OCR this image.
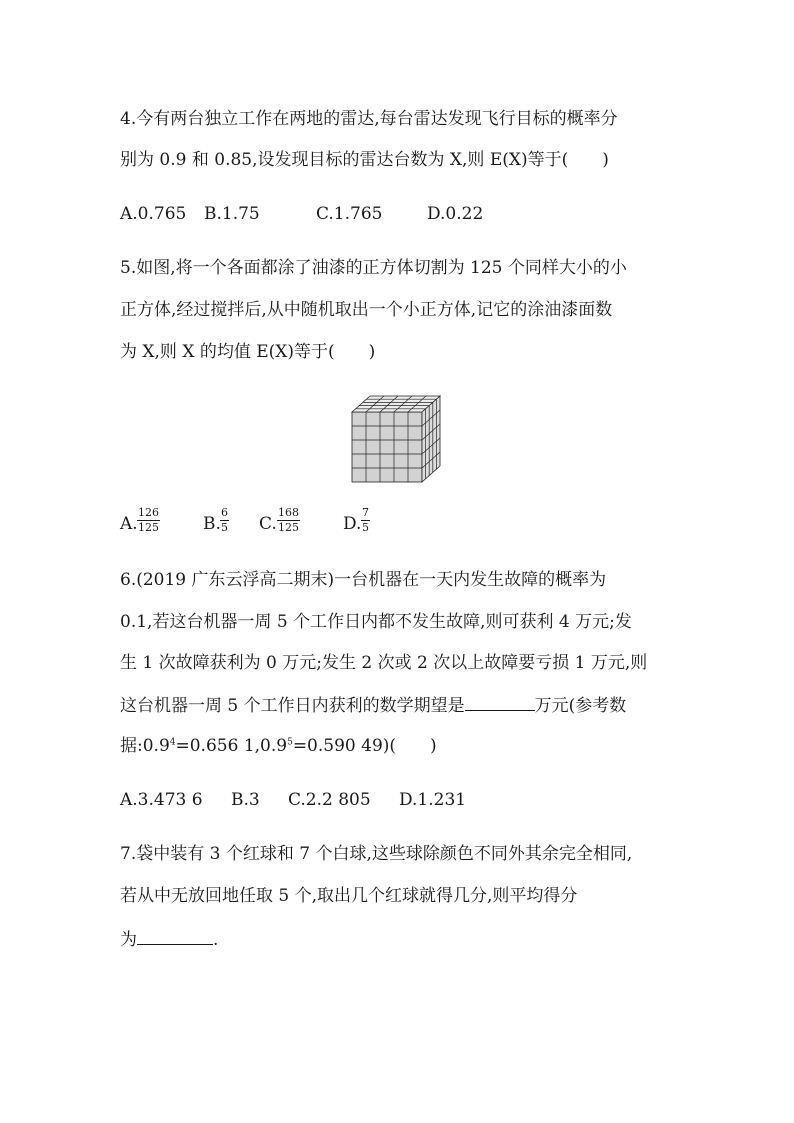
4.今有两台独立工作在两地的雷达,每台雷达发现飞行目标的概率分
别为 0.9 和 0.85,设发现目标的雷达台数为 X,则 E(X)等于(　　)
A.0.765 B.1.75	C.1.765	D.0.22
5.如图,将一个各面都涂了油漆的正方体切割为 125 个同样大小的小
正方体,经过搅拌后,从中随机取出一个小正方体,记它的涂油漆面数
为 X,则 X 的均值 E(X)等于(　　)
A. $\frac{126}{125}$	B. $\frac{6}{5} C$. $\frac{168}{125}$	D. $\frac{7}{5}$
6.(2019 广东云浮高二期末)一台机器在一天内发生故障的概率为
0.1,若这台机器一周 5 个工作日内都不发生故障,则可获利 4 万元;发
生 1 次故障获利为 0 万元;发生 2 次或 2 次以上故障要亏损 1 万元,则
这台机器一周 5 个工作日内获利的数学期望是	万元(参考数
据$:0.9^4=0.656$ $1,0.9^5=0.590$ 49)(　　)
A.3.473 6 B.3 C.2.2 805 D.1.231
7.袋中装有 3 个红球和 7 个白球,这些球除颜色不同外其余完全相同,
若从中无放回地任取 5 个,取出几个红球就得几分,则平均得分
为	.
